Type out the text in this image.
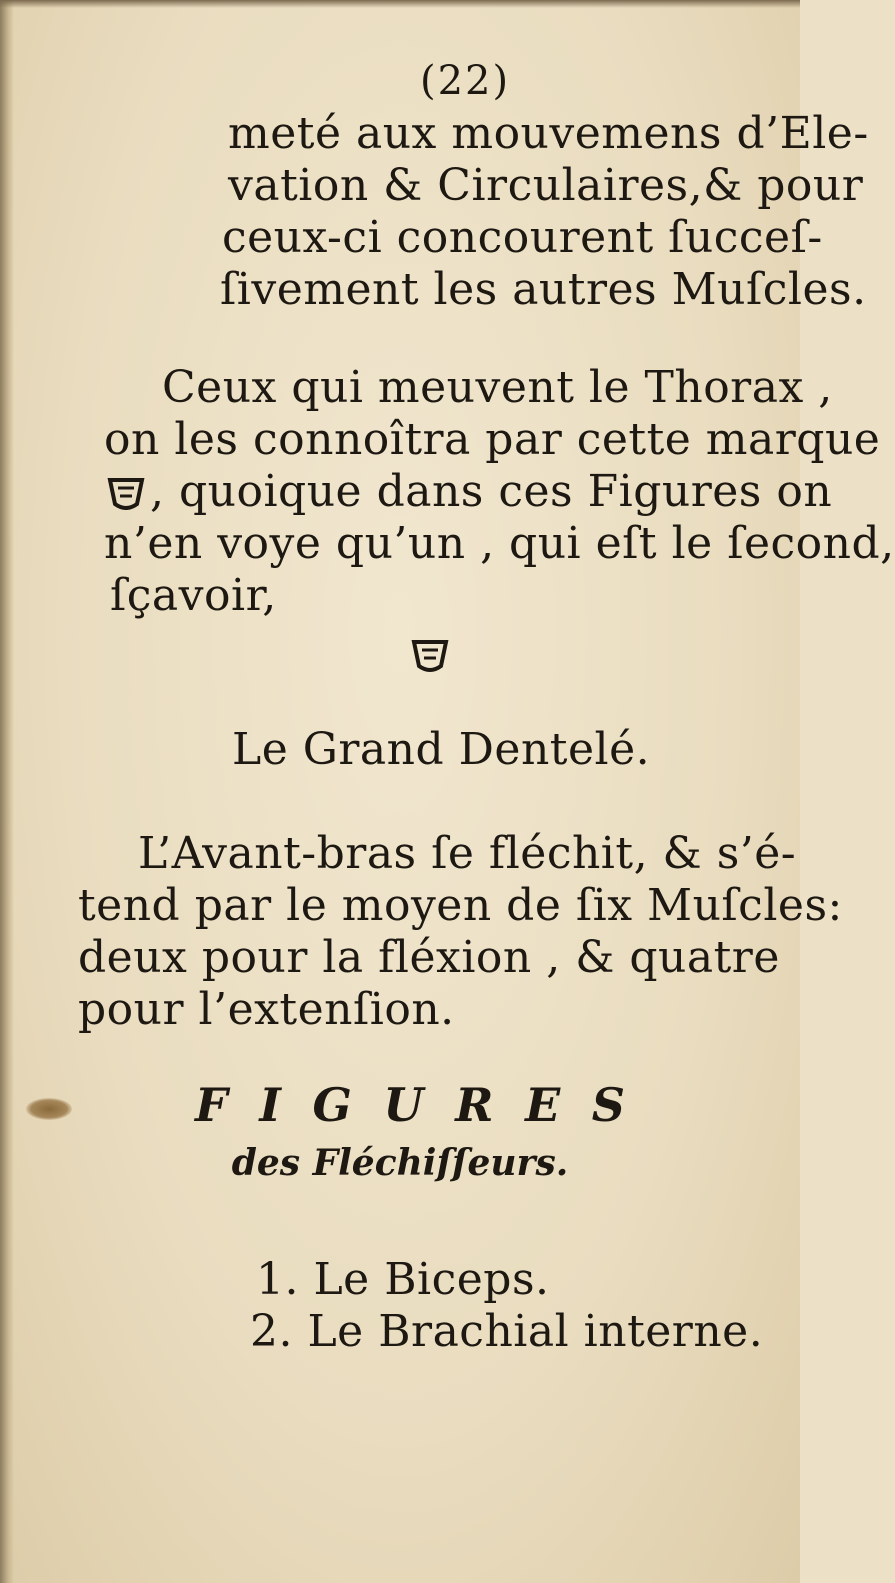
(22)
meté aux mouvemens d’Ele-
vation & Circulaires,& pour
ceux-ci concourent ſucceſ-
ſivement les autres Muſcles.
Ceux qui meuvent le Thorax ,
on les connoîtra par cette marque
, quoique dans ces Figures on
n’en voye qu’un , qui eſt le ſecond,
ſçavoir,
Le Grand Dentelé.
L’Avant-bras ſe fléchit, & s’é-
tend par le moyen de ſix Muſcles:
deux pour la fléxion , & quatre
pour l’extenſion.
F I G U R E S
des Fléchiſſeurs.
1. Le Biceps.
2. Le Brachial interne.
